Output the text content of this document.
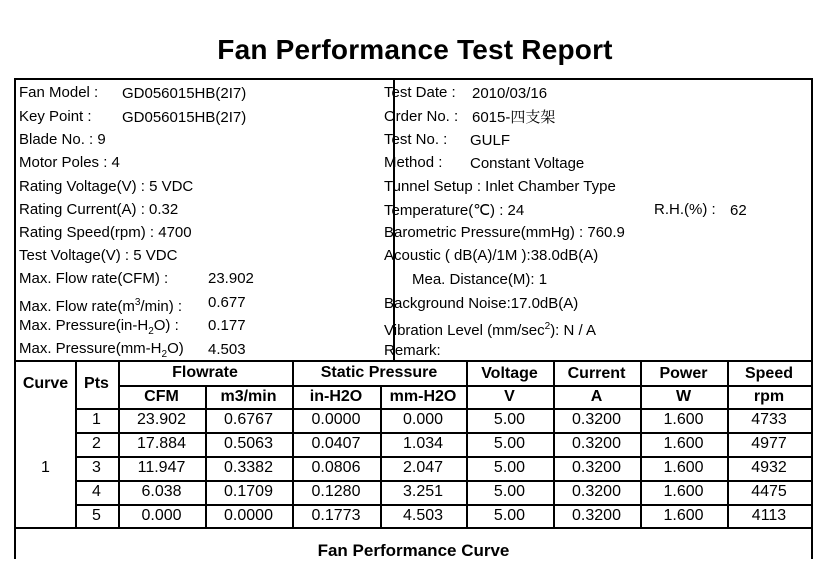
Fan Performance Test Report
Fan Model : GD056015HB(2I7)
Key Point : GD056015HB(2I7)
Blade No. : 9
Motor Poles : 4
Rating Voltage(V) : 5 VDC
Rating Current(A) : 0.32
Rating Speed(rpm) : 4700
Test Voltage(V) : 5 VDC
Max. Flow rate(CFM) :	23.902
Max. Flow $rate(m^3/\min)$ : 0.677
Max. $Pressure(in-H_2O)$ : 0.177
Max. $Pressure(mm-H_2O)$ 4.503
Test Date : 2010/03/16
Order No. : 6015-四支架
Test No. : GULF
Method : Constant Voltage
Tunnel Setup : Inlet Chamber Type
Temperature(℃) : 24	R.H.(%) : 62
Barometric Pressure(mmHg) : 760.9
Acoustic ( dB(A)/1M ):38.0dB(A)
Mea. Distance(M): 1
Background Noise:17.0dB(A)
Vibration Level $(mm/\sec^2)$: N / A
Remark:
Curve Pts
Flowrate	Static Pressure	Voltage	Current	Power	Speed
CFM	m3/min	in-H2O	mm-H2O	V	A	W	rpm
1
1	23.902	0.6767	0.0000	0.000	5.00	0.3200	1.600	4733
2	17.884	0.5063	0.0407	1.034	5.00	0.3200	1.600	4977
3	11.947	0.3382	0.0806	2.047	5.00	0.3200	1.600	4932
4	6.038	0.1709	0.1280	3.251	5.00	0.3200	1.600	4475
5	0.000	0.0000	0.1773	4.503	5.00	0.3200	1.600	4113
Fan Performance Curve
